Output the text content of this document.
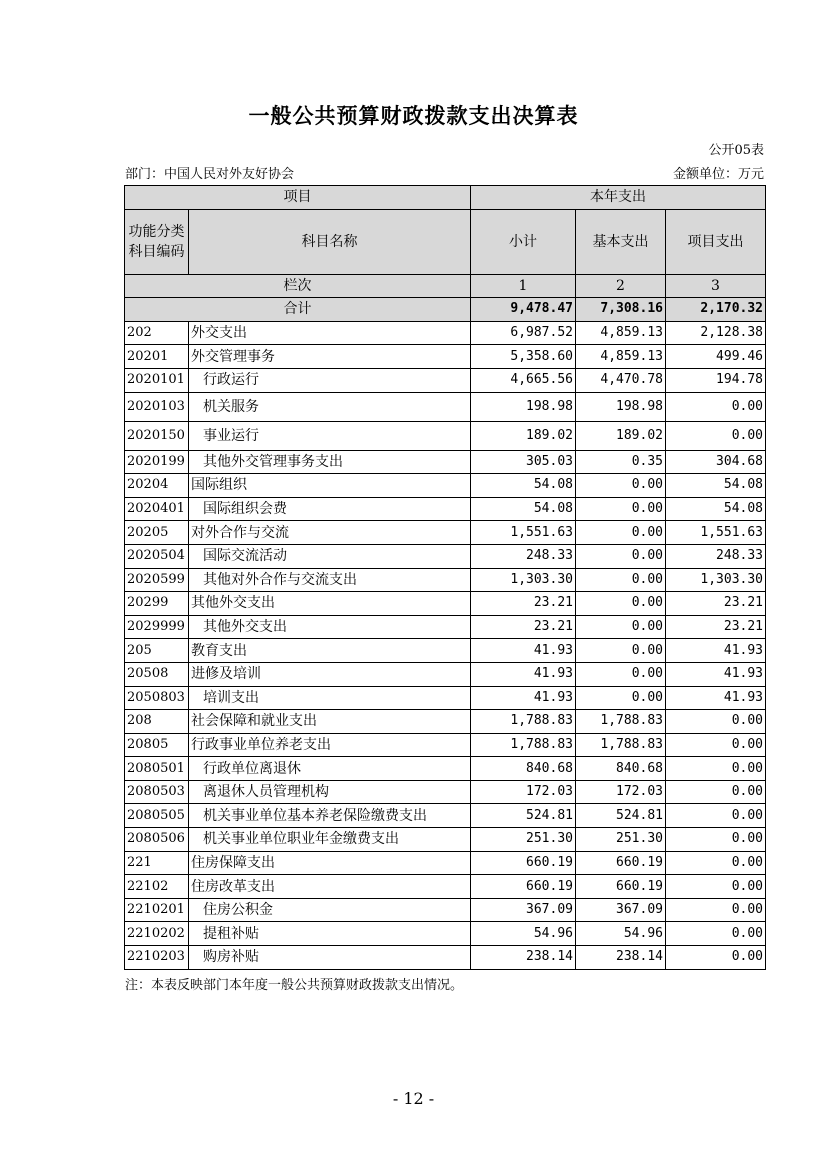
一般公共预算财政拨款支出决算表
公开05表
部门：中国人民对外友好协会	金额单位：万元
项目		本年支出		
功能分类科目编码	科目名称	小计	基本支出	项目支出
栏次		1	2	3
合计		9,478.47	7,308.16	2,170.32
202	外交支出	6,987.52	4,859.13	2,128.38
20201	外交管理事务	5,358.60	4,859.13	499.46
2020101	行政运行	4,665.56	4,470.78	194.78
2020103	机关服务	198.98	198.98	0.00
2020150	事业运行	189.02	189.02	0.00
2020199	其他外交管理事务支出	305.03	0.35	304.68
20204	国际组织	54.08	0.00	54.08
2020401	国际组织会费	54.08	0.00	54.08
20205	对外合作与交流	1,551.63	0.00	1,551.63
2020504	国际交流活动	248.33	0.00	248.33
2020599	其他对外合作与交流支出	1,303.30	0.00	1,303.30
20299	其他外交支出	23.21	0.00	23.21
2029999	其他外交支出	23.21	0.00	23.21
205	教育支出	41.93	0.00	41.93
20508	进修及培训	41.93	0.00	41.93
2050803	培训支出	41.93	0.00	41.93
208	社会保障和就业支出	1,788.83	1,788.83	0.00
20805	行政事业单位养老支出	1,788.83	1,788.83	0.00
2080501	行政单位离退休	840.68	840.68	0.00
2080503	离退休人员管理机构	172.03	172.03	0.00
2080505	机关事业单位基本养老保险缴费支出	524.81	524.81	0.00
2080506	机关事业单位职业年金缴费支出	251.30	251.30	0.00
221	住房保障支出	660.19	660.19	0.00
22102	住房改革支出	660.19	660.19	0.00
2210201	住房公积金	367.09	367.09	0.00
2210202	提租补贴	54.96	54.96	0.00
2210203	购房补贴	238.14	238.14	0.00
注：本表反映部门本年度一般公共预算财政拨款支出情况。
- 12 -
